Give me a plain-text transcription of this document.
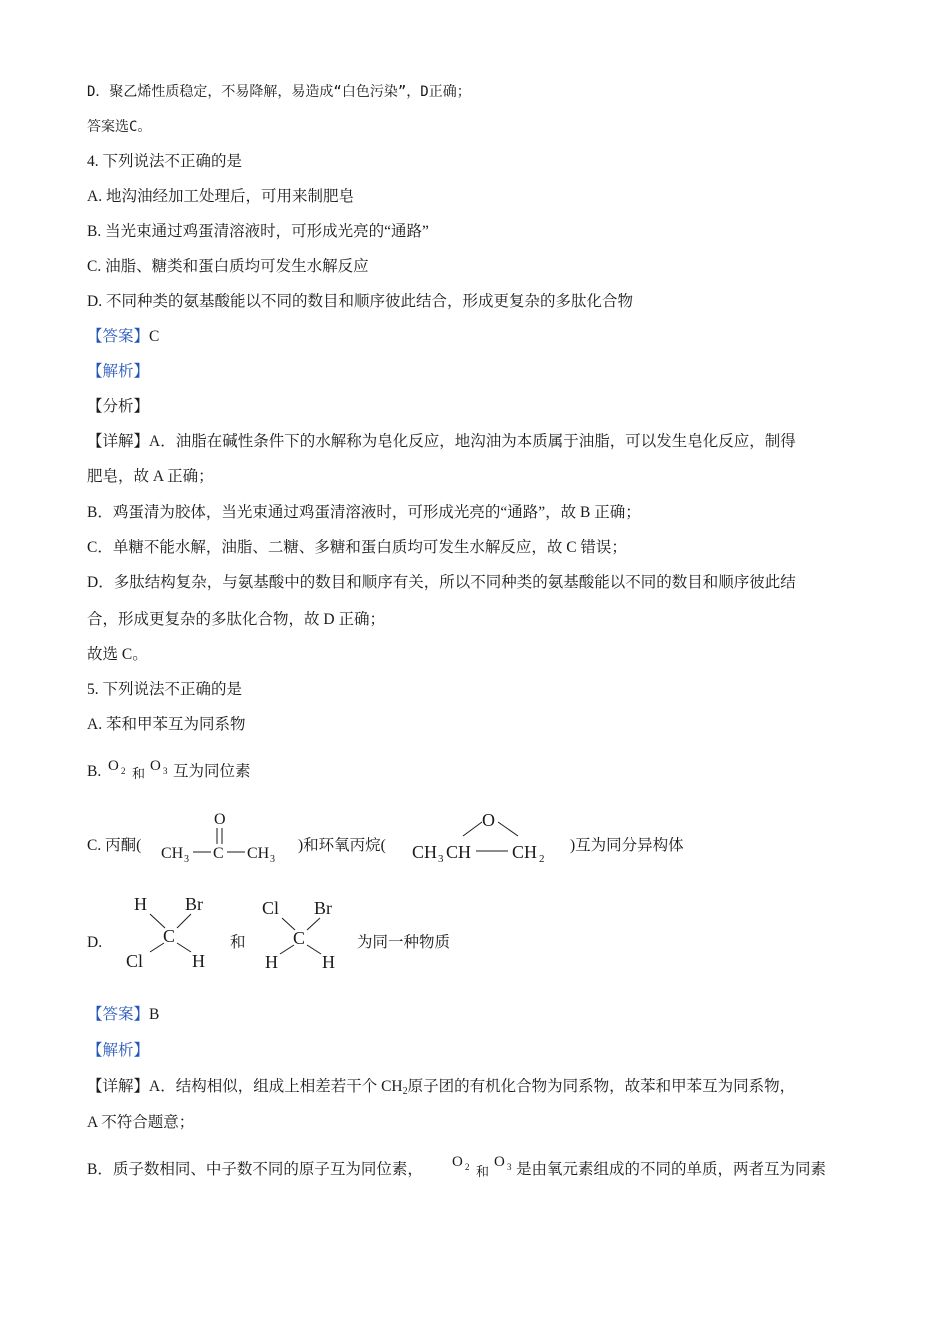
D．聚乙烯性质稳定，不易降解，易造成“白色污染”，D正确；
答案选C。
4. 下列说法不正确的是
A. 地沟油经加工处理后，可用来制肥皂
B. 当光束通过鸡蛋清溶液时，可形成光亮的“通路”
C. 油脂、糖类和蛋白质均可发生水解反应
D. 不同种类的氨基酸能以不同的数目和顺序彼此结合，形成更复杂的多肽化合物
【答案】C
【解析】
【分析】
【详解】A．油脂在碱性条件下的水解称为皂化反应，地沟油为本质属于油脂，可以发生皂化反应，制得
肥皂，故 A 正确；
B．鸡蛋清为胶体，当光束通过鸡蛋清溶液时，可形成光亮的“通路”，故 B 正确；
C．单糖不能水解，油脂、二糖、多糖和蛋白质均可发生水解反应，故 C 错误；
D．多肽结构复杂，与氨基酸中的数目和顺序有关，所以不同种类的氨基酸能以不同的数目和顺序彼此结
合，形成更复杂的多肽化合物，故 D 正确；
故选 C。
5. 下列说法不正确的是
A. 苯和甲苯互为同系物
B. O 2 和 O 3 互为同位素
C. 丙酮(
O
CH 3 C CH 3
)和环氧丙烷(
O
CH 3 CH CH 2
)互为同分异构体
D.
H Br
C
Cl	H
和
Cl Br
C
H H
为同一种物质
【答案】B
【解析】
【详解】A．结构相似，组成上相差若干个 $CH_2$原子团的有机化合物为同系物，故苯和甲苯互为同系物，
A 不符合题意；
B．质子数相同、中子数不同的原子互为同位素， O 2 和
O 3 是由氧元素组成的不同的单质，两者互为同素
